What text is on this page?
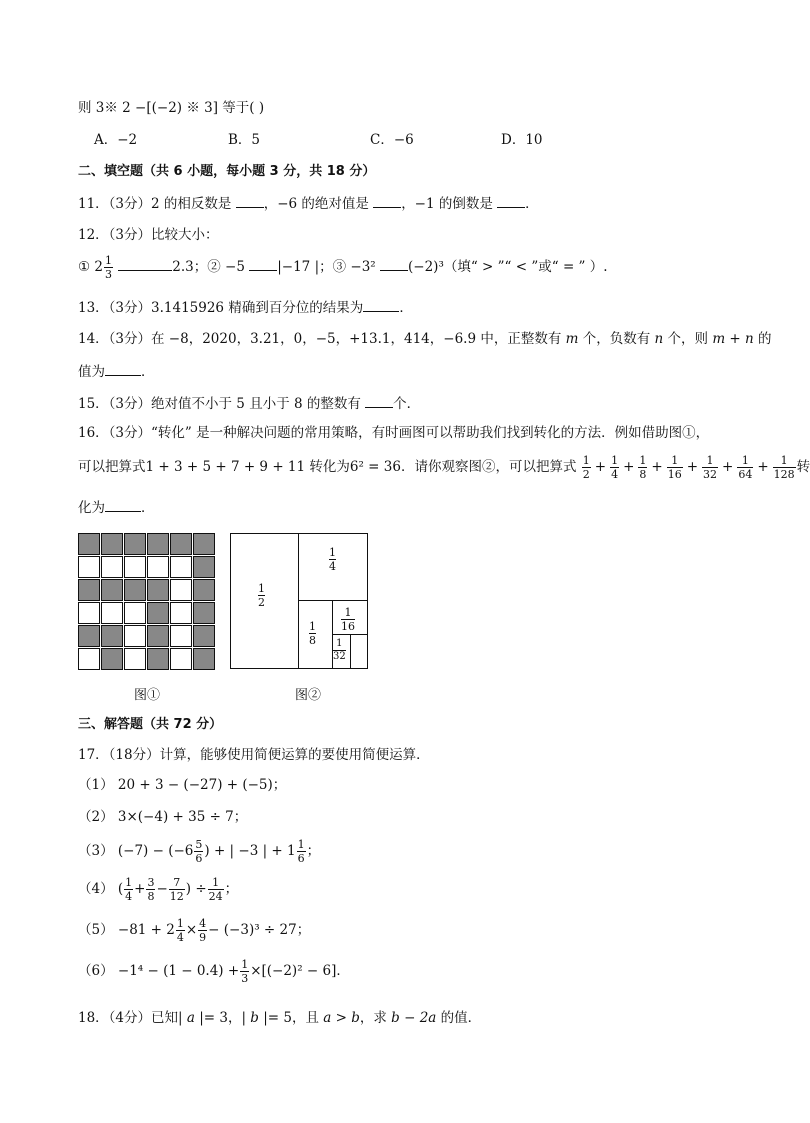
则 3※ 2 −[(−2) ※ 3] 等于( )
A．−2	B．5	C．−6	D．10
二、填空题（共 6 小题，每小题 3 分，共 18 分）
11．（3分）2 的相反数是 ，−6 的绝对值是 ，−1 的倒数是 ．
12．（3分）比较大小：
① $2 \frac{1}{3}$	2.3；② −5 |−17 |；③ −3² (−2)³（填“ > ”“ < ”或“ = ” ）.
13．（3分）3.1415926 精确到百分位的结果为	．
14．（3分）在 −8，2020，3.21，0，−5，+13.1，414，−6.9 中，正整数有 m 个，负数有 n 个，则 m + n 的
值为	．
15．（3分）绝对值不小于 5 且小于 8 的整数有 个．
16．（3分）“转化” 是一种解决问题的常用策略，有时画图可以帮助我们找到转化的方法．例如借助图①，
可以把算式1 + 3 + 5 + 7 + 9 + 11 转化为6² = 36．请你观察图②，可以把算式 $\frac{1}{2} + \frac{1}{4} + \frac{1}{8} + \frac{1}{16} + \frac{1}{32} + \frac{1}{64} + \frac{1}{128}$ 转
化为	．
图①
1
2
1
4
1
8
1
16
1
32
图②
三、解答题（共 72 分）
17．（18分）计算，能够使用简便运算的要使用简便运算．
（1） 20 + 3 − (−27) + (−5)；
（2） 3×(−4) + 35 ÷ 7；
（3） $(-7) - (-6 \frac{5}{6}$ ) + | −3 | + $1 \frac{1}{6}$ ；
（4） ( $\frac{1}{4} + \frac{3}{8} - \frac{7}{12}$ ) ÷ $\frac{1}{24}$ ；
$(5) -81 + 2 \frac{1}{4} \times \frac{4}{9} - (-3)^3 \div 27$；
$(6) -1^4 - (1 - 0.4) + \frac{1}{3} \times[(-2)^2 - 6]$．
18．（4分）已知| a |= 3，| b |= 5，且 a > b，求 b − 2a 的值．
